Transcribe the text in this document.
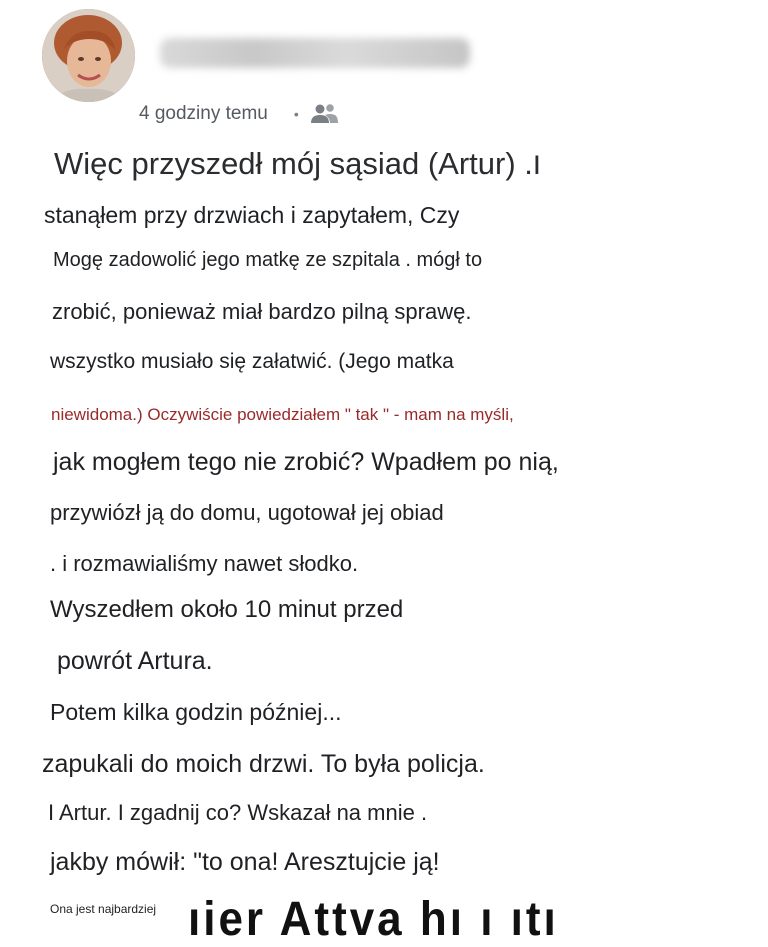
4 godziny temu •
Więc przyszedł mój sąsiad (Artur) .ו
stanąłem przy drzwiach i zapytałem, Czy
Mogę zadowolić jego matkę ze szpitala . mógł to
zrobić, ponieważ miał bardzo pilną sprawę.
wszystko musiało się załatwić. (Jego matka
niewidoma.) Oczywiście powiedziałem " tak " - mam na myśli,
jak mogłem tego nie zrobić? Wpadłem po nią,
przywiózł ją do domu, ugotował jej obiad
. i rozmawialiśmy nawet słodko.
Wyszedłem około 10 minut przed
powrót Artura.
Potem kilka godzin później...
zapukali do moich drzwi. To była policja.
I Artur. I zgadnij co? Wskazał na mnie .
jakby mówił: "to ona! Aresztujcie ją!
Ona jest najbardziej ıier Attva hı ı ıtı
